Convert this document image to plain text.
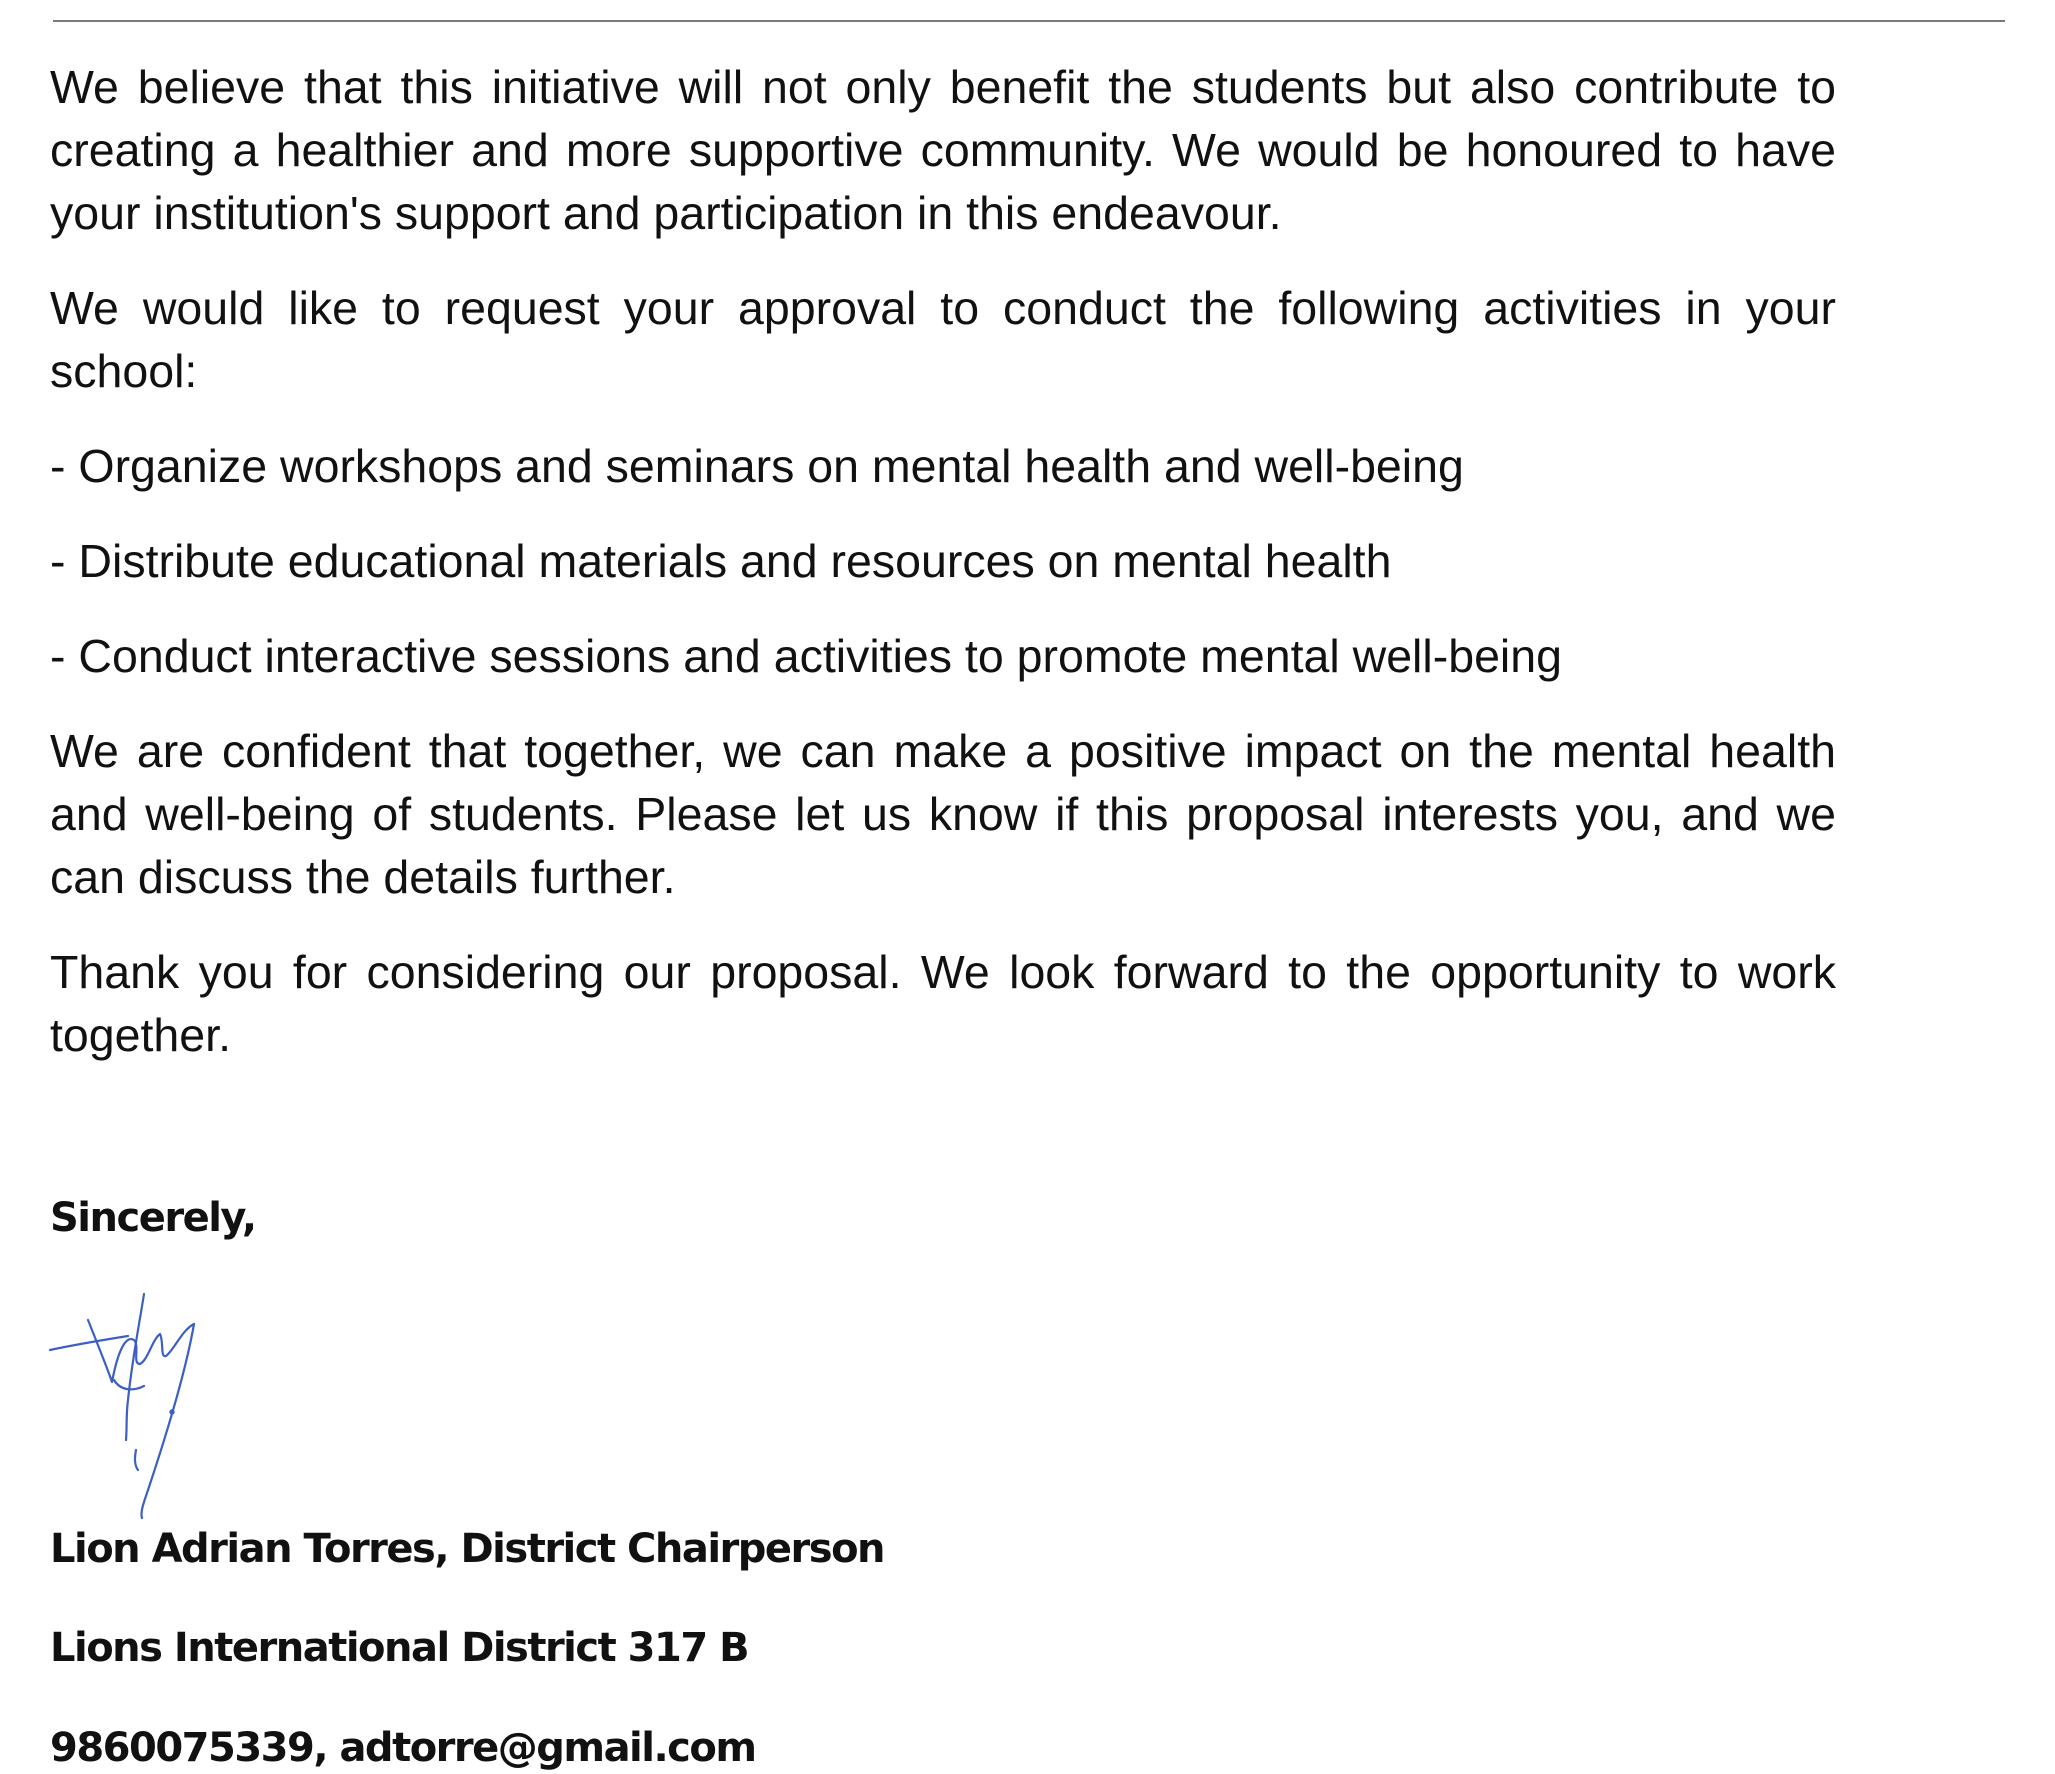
We believe that this initiative will not only benefit the students but also contribute to creating a healthier and more supportive community. We would be honoured to have your institution's support and participation in this endeavour.

We would like to request your approval to conduct the following activities in your school:

- Organize workshops and seminars on mental health and well-being

- Distribute educational materials and resources on mental health

- Conduct interactive sessions and activities to promote mental well-being

We are confident that together, we can make a positive impact on the mental health and well-being of students. Please let us know if this proposal interests you, and we can discuss the details further.

Thank you for considering our proposal. We look forward to the opportunity to work together.

Sincerely,
Lion Adrian Torres, District Chairperson
Lions International District 317 B
9860075339, adtorre@gmail.com
